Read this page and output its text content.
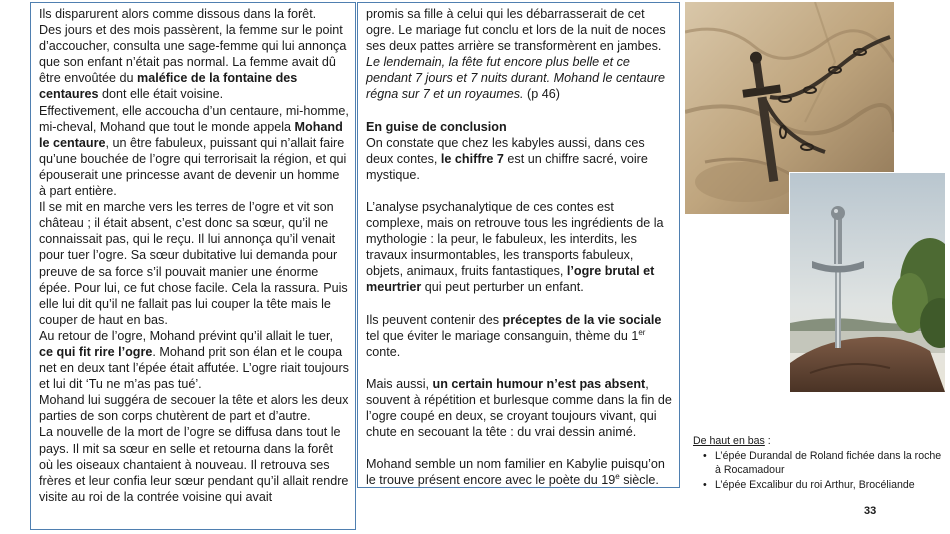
Ils disparurent alors comme dissous dans la forêt.

Des jours et des mois passèrent, la femme sur le point d’accoucher, consulta une sage-femme qui lui annonça que son enfant n’était pas normal. La femme avait dû être envoûtée du maléfice de la fontaine des centaures dont elle était voisine.

Effectivement, elle accoucha d’un centaure, mi-homme, mi-cheval, Mohand que tout le monde appela Mohand le centaure, un être fabuleux, puissant qui n’allait faire qu’une bouchée de l’ogre qui terrorisait la région, et qui épouserait une princesse avant de devenir un homme à part entière.

Il se mit en marche vers les terres de l’ogre et vit son château ; il était absent, c’est donc sa sœur, qu’il ne connaissait pas, qui le reçu. Il lui annonça qu’il venait pour tuer l’ogre. Sa sœur dubitative lui demanda pour preuve de sa force s’il pouvait manier une énorme épée. Pour lui, ce fut chose facile. Cela la rassura. Puis elle lui dit qu’il ne fallait pas lui couper la tête mais le couper de haut en bas.

Au retour de l’ogre, Mohand prévint qu’il allait le tuer, ce qui fit rire l’ogre. Mohand prit son élan et le coupa net en deux tant l’épée était affutée. L’ogre riait toujours et lui dit ‘Tu ne m’as pas tué’.

Mohand lui suggéra de secouer la tête et alors les deux parties de son corps chutèrent de part et d’autre.

La nouvelle de la mort de l’ogre se diffusa dans tout le pays. Il mit sa sœur en selle et retourna dans la forêt où les oiseaux chantaient à nouveau. Il retrouva ses frères et leur confia leur sœur pendant qu’il allait rendre visite au roi de la contrée voisine qui avait

promis sa fille à celui qui les débarrasserait de cet ogre. Le mariage fut conclu et lors de la nuit de noces ses deux pattes arrière se transformèrent en jambes. Le lendemain, la fête fut encore plus belle et ce pendant 7 jours et 7 nuits durant. Mohand le centaure régna sur 7 et un royaumes. (p 46)

En guise de conclusion

On constate que chez les kabyles aussi, dans ces deux contes, le chiffre 7 est un chiffre sacré, voire mystique.

L’analyse psychanalytique de ces contes est complexe, mais on retrouve tous les ingrédients de la mythologie : la peur, le fabuleux, les interdits, les travaux insurmontables, les transports fabuleux, objets, animaux, fruits fantastiques, l’ogre brutal et meurtrier qui peut perturber un enfant.

Ils peuvent contenir des préceptes de la vie sociale tel que éviter le mariage consanguin, thème du 1er conte.

Mais aussi, un certain humour n’est pas absent, souvent à répétition et burlesque comme dans la fin de l’ogre coupé en deux, se croyant toujours vivant, qui chute en secouant la tête : du vrai dessin animé.

Mohand semble un nom familier en Kabylie puisqu’on le trouve présent encore avec le poète du 19e siècle.

De haut en bas :
• L’épée Durandal de Roland fichée dans la roche à Rocamadour
• L’épée Excalibur du roi Arthur, Brocéliande
33
